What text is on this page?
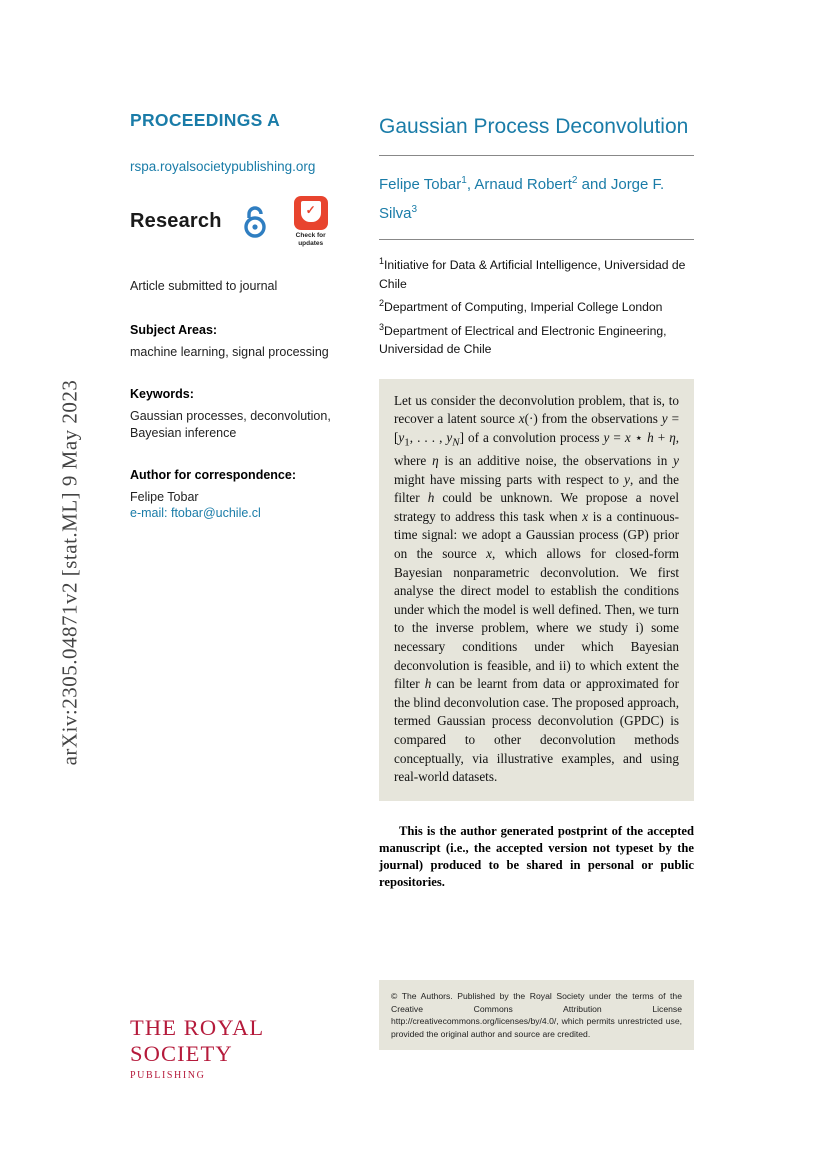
arXiv:2305.04871v2 [stat.ML] 9 May 2023
PROCEEDINGS A
rspa.royalsocietypublishing.org
Research	✓
Check for
updates
Article submitted to journal
Subject Areas:
machine learning, signal processing
Keywords:
Gaussian processes, deconvolution, Bayesian inference
Author for correspondence:
Felipe Tobar
e-mail: ftobar@uchile.cl
THE ROYAL SOCIETY
PUBLISHING
Gaussian Process Deconvolution
Felipe Tobar$^1$, Arnaud Robert$^2$ and Jorge F. Silva$^3$
$^1$Initiative for Data & Artificial Intelligence, Universidad de Chile
$^2$Department of Computing, Imperial College London
$^3$Department of Electrical and Electronic Engineering, Universidad de Chile
Let us consider the deconvolution problem, that is, to recover a latent source x(·) from the observations $y = [y_1$, . . . , $y_N$] of a convolution process y = x ⋆ h + η, where η is an additive noise, the observations in y might have missing parts with respect to y, and the filter h could be unknown. We propose a novel strategy to address this task when x is a continuous-time signal: we adopt a Gaussian process (GP) prior on the source x, which allows for closed-form Bayesian nonparametric deconvolution. We first analyse the direct model to establish the conditions under which the model is well defined. Then, we turn to the inverse problem, where we study i) some necessary conditions under which Bayesian deconvolution is feasible, and ii) to which extent the filter h can be learnt from data or approximated for the blind deconvolution case. The proposed approach, termed Gaussian process deconvolution (GPDC) is compared to other deconvolution methods conceptually, via illustrative examples, and using real-world datasets.
This is the author generated postprint of the accepted manuscript (i.e., the accepted version not typeset by the journal) produced to be shared in personal or public repositories.
© The Authors. Published by the Royal Society under the terms of the Creative Commons Attribution License http://creativecommons.org/licenses/by/4.0/, which permits unrestricted use, provided the original author and source are credited.
